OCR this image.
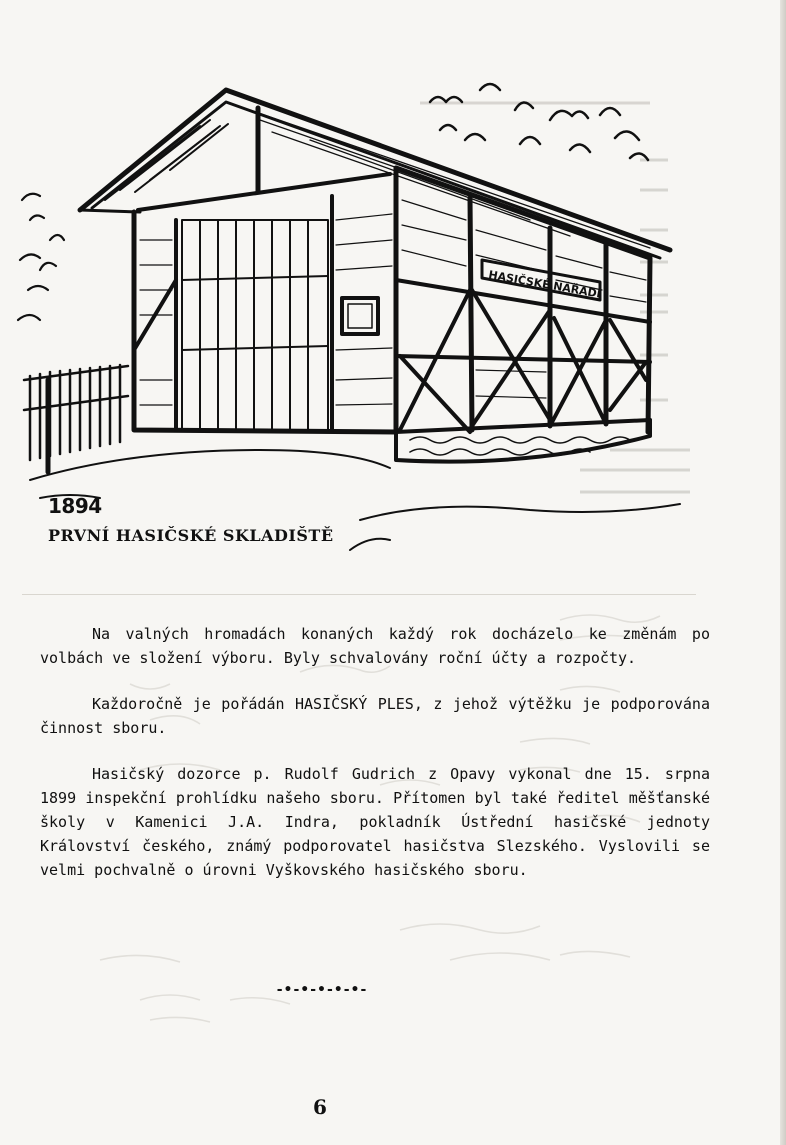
HASIČSKÉ NÁŘADÍ
1894
PRVNÍ HASIČSKÉ SKLADIŠTĚ

Na valných hromadách konaných každý rok docházelo ke změnám po volbách ve složení výboru. Byly schvalovány roční účty a rozpočty.

Každoročně je pořádán HASIČSKÝ PLES, z jehož výtěžku je podporována činnost sboru.

Hasičský dozorce p. Rudolf Gudrich z Opavy vykonal dne 15. srpna 1899 inspekční prohlídku našeho sboru. Přítomen byl také ředitel měšťanské školy v Kamenici J.A. Indra, pokladník Ústřední hasičské jednoty Království českého, známý podporovatel hasičstva Slezského. Vyslovili se velmi pochvalně o úrovni Vyškovského hasičského sboru.

-•-•-•-•-•-
6
